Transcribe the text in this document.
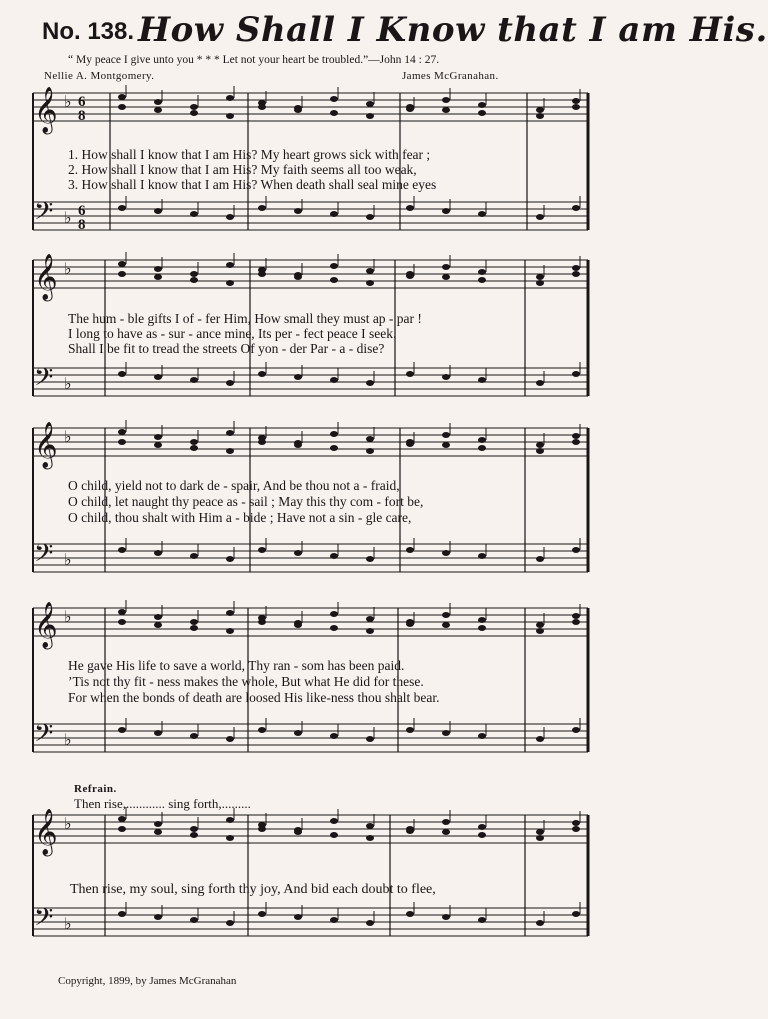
No. 138. How Shall I Know that I am His.
“ My peace I give unto you * * * Let not your heart be troubled.”—John 14 : 27.
Nellie A. Montgomery.	James McGranahan.
𝄞 ♭ 6
8
𝄢 ♭ 6
8
1. How shall I know that I am His? My heart grows sick with fear ;
2. How shall I know that I am His? My faith seems all too weak,
3. How shall I know that I am His? When death shall seal mine eyes
𝄞 ♭
𝄢 ♭
The hum - ble gifts I of - fer Him, How small they must ap - par !
I long to have as - sur - ance mine, Its per - fect peace I seek.
Shall I be fit to tread the streets Of yon - der Par - a - dise?
𝄞 ♭
𝄢 ♭
O child, yield not to dark de - spair, And be thou not a - fraid,
O child, let naught thy peace as - sail ; May this thy com - fort be,
O child, thou shalt with Him a - bide ; Have not a sin - gle care,
𝄞 ♭
𝄢 ♭
He gave His life to save a world, Thy ran - som has been paid.
’Tis not thy fit - ness makes the whole, But what He did for these.
For when the bonds of death are loosed His like-ness thou shalt bear.
Refrain.
Then rise,............ sing forth,.........
𝄞 ♭
𝄢 ♭
Then rise, my soul, sing forth thy joy, And bid each doubt to flee,
Copyright, 1899, by James McGranahan
